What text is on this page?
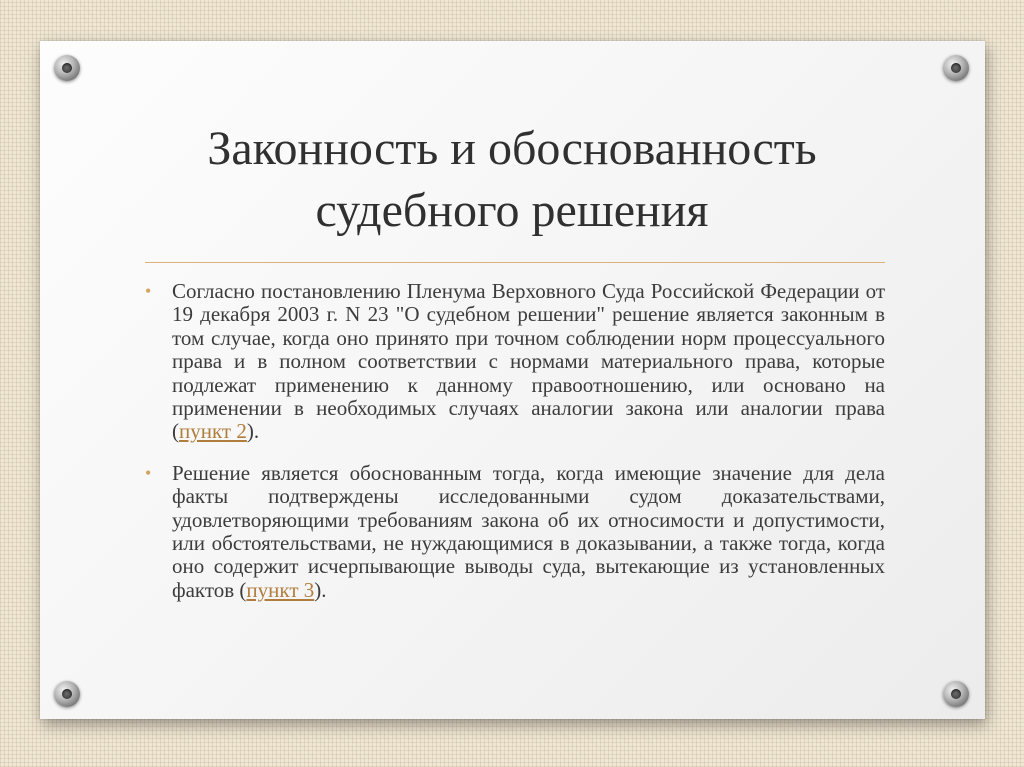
Законность и обоснованность
судебного решения
• Согласно постановлению Пленума Верховного Суда Российской Федерации от 19 декабря 2003 г. N 23 "О судебном решении" решение является законным в том случае, когда оно принято при точном соблюдении норм процессуального права и в полном соответствии с нормами материального права, которые подлежат применению к данному правоотношению, или основано на применении в необходимых случаях аналогии закона или аналогии права (пункт 2).
• Решение является обоснованным тогда, когда имеющие значение для дела факты подтверждены исследованными судом доказательствами, удовлетворяющими требованиям закона об их относимости и допустимости, или обстоятельствами, не нуждающимися в доказывании, а также тогда, когда оно содержит исчерпывающие выводы суда, вытекающие из установленных фактов (пункт 3).
